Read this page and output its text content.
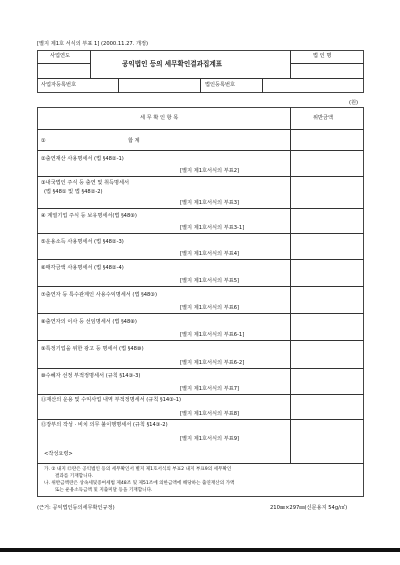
[별지 제1호 서식의 부표 1] (2000.11.27. 개정)
사업연도
공익법인 등의 세무확인결과집계표
법 인 명
사업자등록번호	법인등록번호
(원)
세 무 확 인 항 목	위반금액
①	합 계
②출연재산 사용명세서 (법 §48②-1)
[별지 제1호서식의 부표2]
③내국법인 주식 등 출연 및 취득명세서
(법 §48① 및 법 §48②-2)
[별지 제1호서식의 부표3]
④ 계열기업 주식 등 보유명세서(법 §48⑨)
[별지 제1호서식의 부표3-1]
⑤운용소득 사용명세서 (법 §48②-3)
[별지 제1호서식의 부표4]
⑥매각금액 사용명세서 (법 §48②-4)
[별지 제1호서식의 부표5]
⑦출연자 등 특수관계인 사용수익명세서 (법 §48③)
[별지 제1호서식의 부표6]
⑧출연자의 이사 등 선임명세서 (법 §48⑧)
[별지 제1호서식의 부표6-1]
⑨특정기업을 위한 광고 등 명세서 (법 §48⑩)
[별지 제1호서식의 부표6-2]
⑩수혜자 선정 부적정명세서 (규칙 §14③-3)
[별지 제1호서식의 부표7]
⑪재산의 운용 및 수익사업 내역 부적정명세서 (규칙 §14③-1)
[별지 제1호서식의 부표8]
⑫장부의 작성 · 비치 의무 불이행명세서 (규칙 §14③-2)
[별지 제1호서식의 부표9]
<작성요령>
가. ② 내지 ⑫란은 공익법인 등의 세무확인서 별지 제1호서식의 부표2 내지 부표9의 세무확인
결과를 기재합니다.
나. 위반금액란은 상속세및증여세법 제48조 및 제51조에 의한금액에 해당하는 출연재산의 가액
또는 운용소득금액 및 지출미달 등을 기재합니다.
(근거: 공익법인등의세무확인규정)	210㎜×297㎜(신문용지 54g/㎡)
